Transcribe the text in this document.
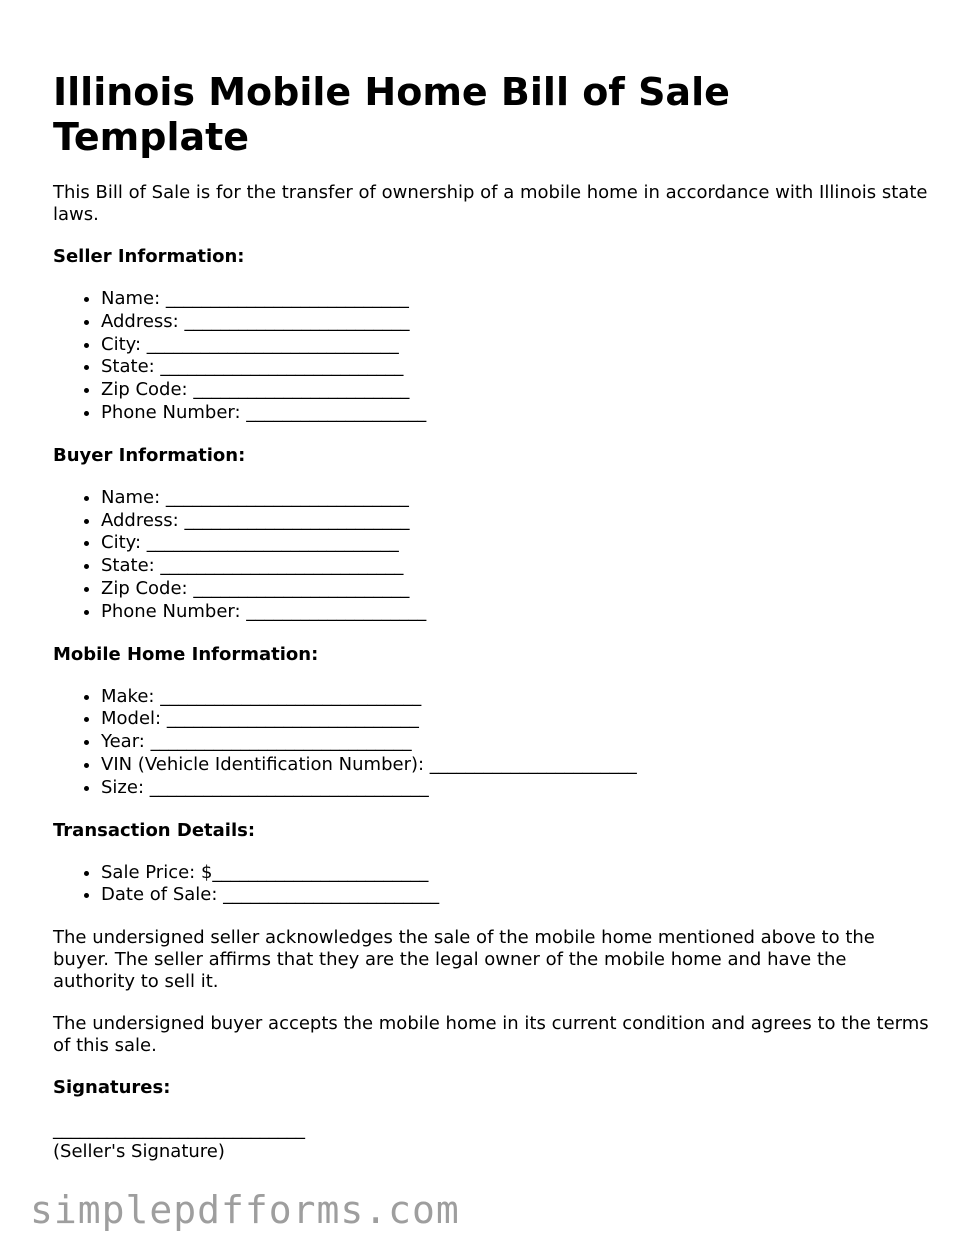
Illinois Mobile Home Bill of Sale Template

This Bill of Sale is for the transfer of ownership of a mobile home in accordance with Illinois state laws.

Seller Information:
• Name: ___________________________
• Address: _________________________
• City: ____________________________
• State: ___________________________
• Zip Code: ________________________
• Phone Number: ____________________
Buyer Information:
• Name: ___________________________
• Address: _________________________
• City: ____________________________
• State: ___________________________
• Zip Code: ________________________
• Phone Number: ____________________
Mobile Home Information:
• Make: _____________________________
• Model: ____________________________
• Year: _____________________________
• VIN (Vehicle Identification Number): _______________________
• Size: _______________________________
Transaction Details:
• Sale Price: $________________________
• Date of Sale: ________________________

The undersigned seller acknowledges the sale of the mobile home mentioned above to the buyer. The seller affirms that they are the legal owner of the mobile home and have the authority to sell it.

The undersigned buyer accepts the mobile home in its current condition and agrees to the terms of this sale.

Signatures:
____________________________
(Seller's Signature)
simplepdfforms.com
